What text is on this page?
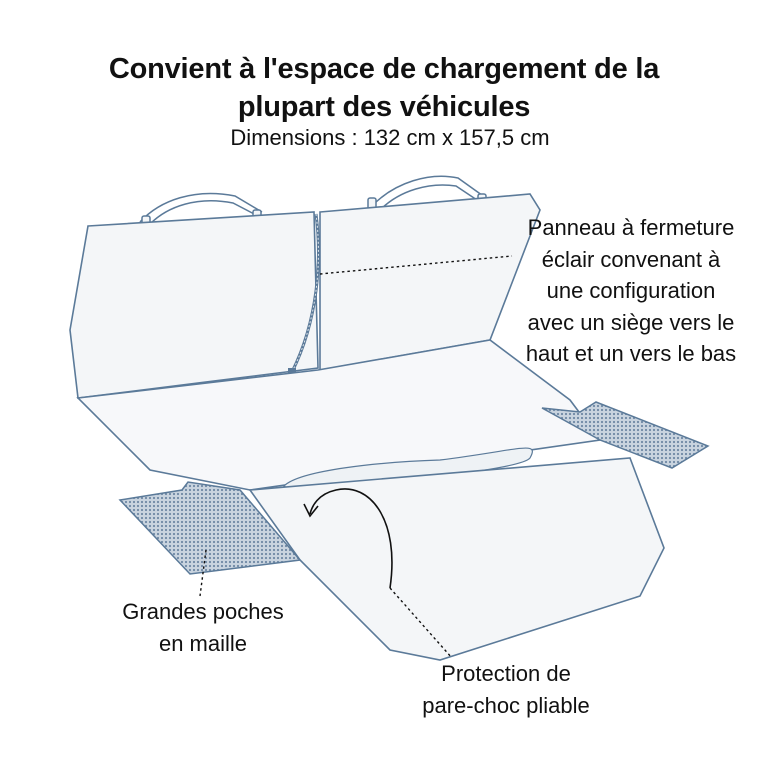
Convient à l'espace de chargement de la
plupart des véhicules

Dimensions : 132 cm x 157,5 cm

Panneau à fermeture
éclair convenant à
une configuration
avec un siège vers le
haut et un vers le bas
Grandes poches
en maille
Protection de
pare-choc pliable
